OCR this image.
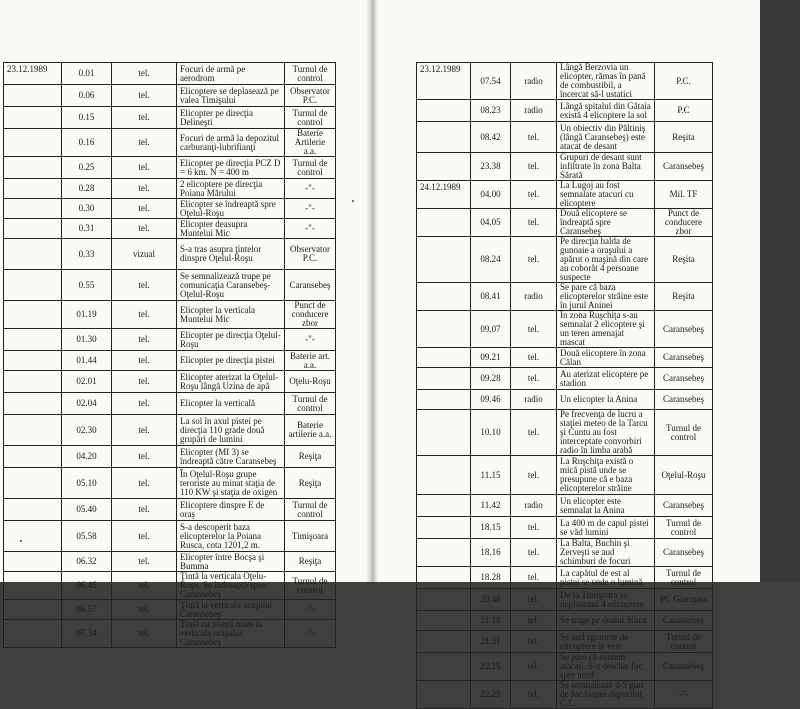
23.12.1989	0.01	tel.	Focuri de armă pe aerodrom	Turnul de control
	0.06	tel.	Elicoptere se deplasează pe valea Timişului	Observator P.C.
	0.15	tel.	Elicopter pe direcţia Delineşti	Turnul de control
	0.16	tel.	Focuri de armă la depozitul carburanţi-lubrifianţi	Baterie Artilerie a.a.
	0.25	tel.	Elicopter pe direcţia PCZ D = 6 km. N = 400 m	Turnul de control
	0.28	tel.	2 elicoptere pe direcţia Poiana Mărului	-"-
	0.30	tel.	Elicopter se îndreaptă spre Oţelul-Roşu	-"-
	0.31	tel.	Elicopter deasupra Muntelui Mic	-"-
	0.33	vizual	S-a tras asupra ţintelor dinspre Oţelul-Roşu	Observator P.C.
	0.55	tel.	Se semnalizează trupe pe comunicaţia Caransebeş-Oţelul-Roşu	Caransebeş
	01.19	tel.	Elicopter la verticala Muntelui Mic	Punct de conducere zbor
	01.30	tel.	Elicopter pe direcţia Oţelul-Roşu	-"-
	01.44	tel.	Elicopter pe direcţia pistei	Baterie art. a.a.
	02.01	tel.	Elicopter aterizat la Oţelul-Roşu lângă Uzina de apă	Oţelu-Roşu
	02.04	tel.	Elicopter la verticală	Turnul de control
	02.30	tel.	La sol în axul pistei pe direcţia 110 grade două grupări de lumini	Baterie artilerie a.a.
	04.20	tel.	Elicopter (MI 3) se îndreaptă către Caransebeş	Reşiţa
	05.10	tel.	În Oţelul-Roşu grupe teroriste au minat staţia de 110 KW şi staţia de oxigen	Reşiţa
	05.40	tel.	Elicoptere dinspre E de oraş	Turnul de control
	05.58	tel.	S-a descoperit baza elicopterelor la Poiana Rusca, cota 1201,2 m.	Timişoara
	06.32	tel.	Elicopter între Bocşa şi Bumma	Reşiţa
	06.46	tel.	Ţintă la verticala Oţelu-Roşu. Se îndreaptă spre Caransebeş	Turnul de control
	06.57	tel.	Ţintă la verticala oraşului Caransebeş	-"-
	07.34	tel.	Ţintă cu viteză mare la verticala oraşului Caransebeş	-"-
23.12.1989	07.54	radio	Lângă Berzovia un elicopter, rămas în pană de combustibil, a încercat să-l ustatici	P.C.
	08.23	radio	Lângă spitalul din Gătaia există 4 elicoptere la sol	P.C
	08.42	tel.	Un obiectiv din Păltiniş (lângă Caransebeş) este atacat de desant	Reşita
	23.38	tel.	Grupuri de desant sunt infiltrate în zona Balta Sărată	Caransebeş
24.12.1989	04.00	tel.	La Lugoj au fost semnalate atacuri cu elicoptere	Mil. TF
	04.05	tel.	Două elicoptere se îndreaptă spre Caransebeş	Punct de conducere zbor
	08.24	tel.	Pe direcţia halda de gunoaie a oraşului a apărut o maşină din care au coborât 4 persoane suspecte	Reşita
	08.41	radio	Se pare că baza elicopterelor străine este în jurul Aninei	Reşita
	09.07	tel.	În zona Ruşchiţa s-au semnalat 2 elicoptere şi un teren amenajat mascat	Caransebeş
	09.21	tel.	Două elicoptere în zona Călan	Caransebeş
	09.28	tel.	Au aterizat elicoptere pe stadion	Caransebeş
	09.46	radio	Un elicopter la Anina	Caransebeş
	10.10	tel.	Pe frecvenţa de lucru a staţiei meteo de la Tarcu şi Cuntu au fost interceptate convorbiri radio în limba arabă	Turnul de control
	11.15	tel.	La Ruşchiţa există o mică pistă unde se presupune că e baza elicopterelor străine	Oţelul-Roşu
	11.42	radio	Un elicopter este semnalat la Anina	Caransebeş
	18.15	tel.	La 400 m de capul pistei se văd lumini	Turnul de control
	18.16	tel.	La Balta, Buchin şi Zerveşti se aud schimburi de focuri	Caransebeş
	18.28	tel.	La capătul de est al pistei se vede o lumină	Turnul de control
	20.48	tel.	De la Timişoara se deplasează 4 elicoptere	PC Giarmata
	21.18	tel.	Se trage pe dealul Sinca	Caransebeş
	21.31	tel.	Se aud zgomote de elicoptere în vest	Turnul de control
	22.15	tel.	Se pare că suntem atacaţi. S-a deschis foc spre nord	Caransebeş
	22.25	tel.	Se semnalează 4-5 guri de foc înspre depozitul C.L.	-"-
